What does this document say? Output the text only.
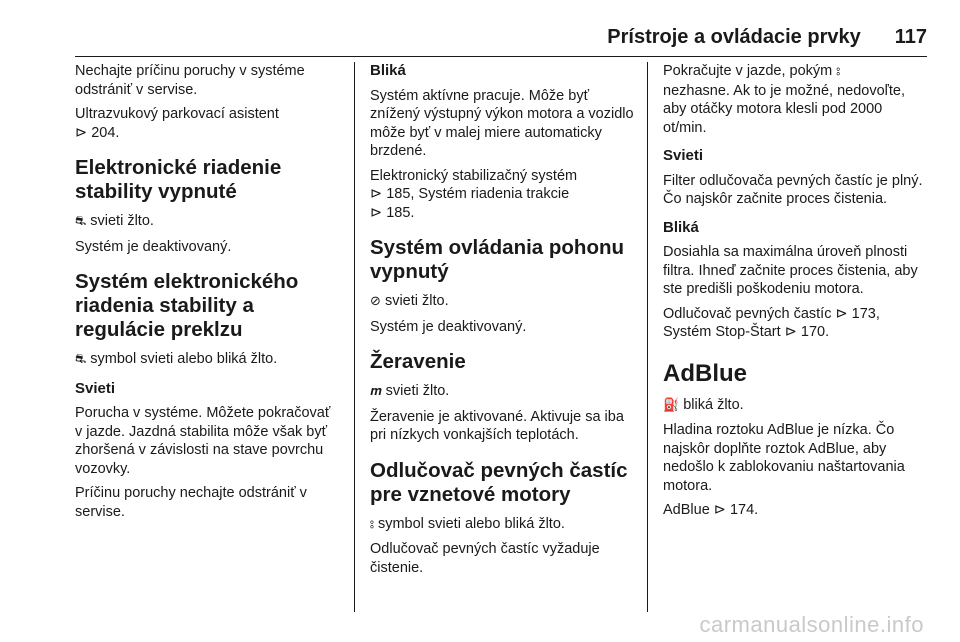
Prístroje a ovládacie prvky 117

Nechajte príčinu poruchy v systéme odstrániť v servise.

Ultrazvukový parkovací asistent
⊳ 204.

Elektronické riadenie stability vypnuté

⛐ svieti žlto.

Systém je deaktivovaný.

Systém elektronického riadenia stability a regulácie preklzu

⛐ symbol svieti alebo bliká žlto.

Svieti

Porucha v systéme. Môžete pokračovať v jazde. Jazdná stabilita môže však byť zhoršená v závislosti na stave povrchu vozovky.

Príčinu poruchy nechajte odstrániť v servise.

Bliká

Systém aktívne pracuje. Môže byť znížený výstupný výkon motora a vozidlo môže byť v malej miere automaticky brzdené.

Elektronický stabilizačný systém
⊳ 185, Systém riadenia trakcie
⊳ 185.

Systém ovládania pohonu vypnutý

⊘ svieti žlto.

Systém je deaktivovaný.

Žeravenie

𝒎 svieti žlto.

Žeravenie je aktivované. Aktivuje sa iba pri nízkych vonkajších teplotách.

Odlučovač pevných častíc pre vznetové motory

⦂ symbol svieti alebo bliká žlto.

Odlučovač pevných častíc vyžaduje čistenie.

Pokračujte v jazde, pokým ⦂
nezhasne. Ak to je možné, nedovoľte, aby otáčky motora klesli pod 2000 ot/min.

Svieti

Filter odlučovača pevných častíc je plný. Čo najskôr začnite proces čistenia.

Bliká

Dosiahla sa maximálna úroveň plnosti filtra. Ihneď začnite proces čistenia, aby ste predišli poškodeniu motora.

Odlučovač pevných častíc ⊳ 173,
Systém Stop-Štart ⊳ 170.

AdBlue

⛽ bliká žlto.

Hladina roztoku AdBlue je nízka. Čo najskôr doplňte roztok AdBlue, aby nedošlo k zablokovaniu naštartovania motora.

AdBlue ⊳ 174.

carmanualsonline.info
